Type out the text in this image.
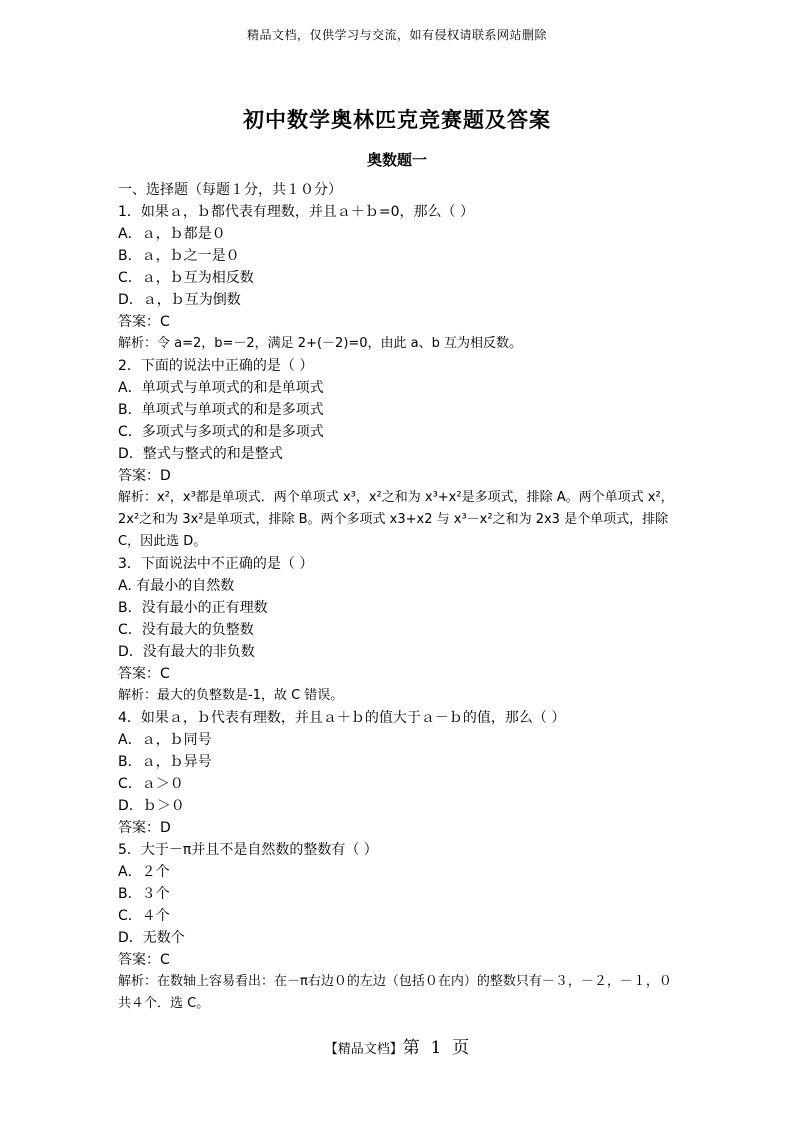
精品文档，仅供学习与交流，如有侵权请联系网站删除
初中数学奥林匹克竞赛题及答案
奥数题一
一、选择题（每题１分，共１０分）
1．如果ａ，ｂ都代表有理数，并且ａ＋ｂ=0，那么（ ）
A．ａ，ｂ都是０
B．ａ，ｂ之一是０
C．ａ，ｂ互为相反数
D．ａ，ｂ互为倒数
答案：C
解析：令 a=2，b=－2，满足 2+(－2)=0，由此 a、b 互为相反数。
2．下面的说法中正确的是（ ）
A．单项式与单项式的和是单项式
B．单项式与单项式的和是多项式
C．多项式与多项式的和是多项式
D．整式与整式的和是整式
答案：D
解析：x²，x³都是单项式．两个单项式 x³，x²之和为 x³+x²是多项式，排除 A。两个单项式 x²，2x²之和为 3x²是单项式，排除 B。两个多项式 x3+x2 与 x³－x²之和为 2x3 是个单项式，排除 C，因此选 D。
3．下面说法中不正确的是（ ）
A. 有最小的自然数
B．没有最小的正有理数
C．没有最大的负整数
D．没有最大的非负数
答案：C
解析：最大的负整数是-1，故 C 错误。
4．如果ａ，ｂ代表有理数，并且ａ＋ｂ的值大于ａ－ｂ的值，那么（ ）
A．ａ，ｂ同号
B．ａ，ｂ异号
C．ａ＞０
D．ｂ＞０
答案：D
5．大于－π并且不是自然数的整数有（ ）
A．２个
B．３个
C．４个
D．无数个
答案：C
解析：在数轴上容易看出：在－π右边０的左边（包括０在内）的整数只有－３，－２，－１，０共４个．选 C。
【精品文档】第  1  页
